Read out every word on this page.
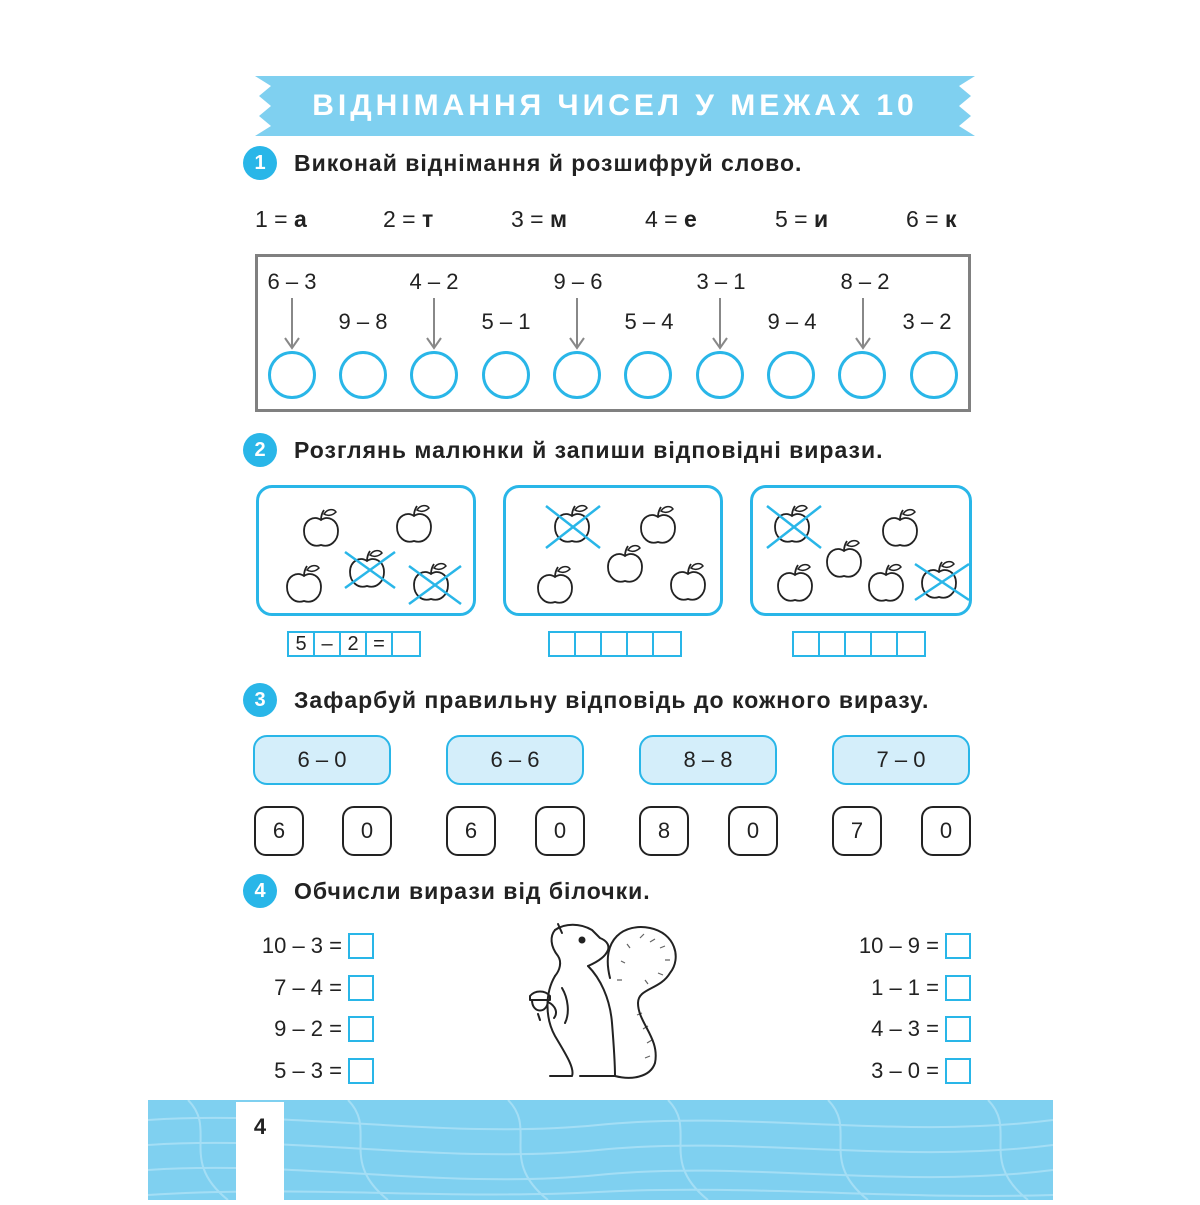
ВІДНІМАННЯ ЧИСЕЛ У МЕЖАХ 10
1	Виконай віднімання й розшифруй слово.
1 = а	2 = т	3 = м	4 = е	5 = и	6 = к
6 – 3	4 – 2	9 – 6	3 – 1	8 – 2
9 – 8	5 – 1	5 – 4	9 – 4	3 – 2
2	Розглянь малюнки й запиши відповідні вирази.
5 – 2 =
3	Зафарбуй правильну відповідь до кожного виразу.
6 – 0	6 – 6	8 – 8	7 – 0
6	0	6	0	8	0	7	0
4	Обчисли вирази від білочки.
10 – 3 =
7 – 4 =
9 – 2 =
5 – 3 =
10 – 9 =
1 – 1 =
4 – 3 =
3 – 0 =
4
